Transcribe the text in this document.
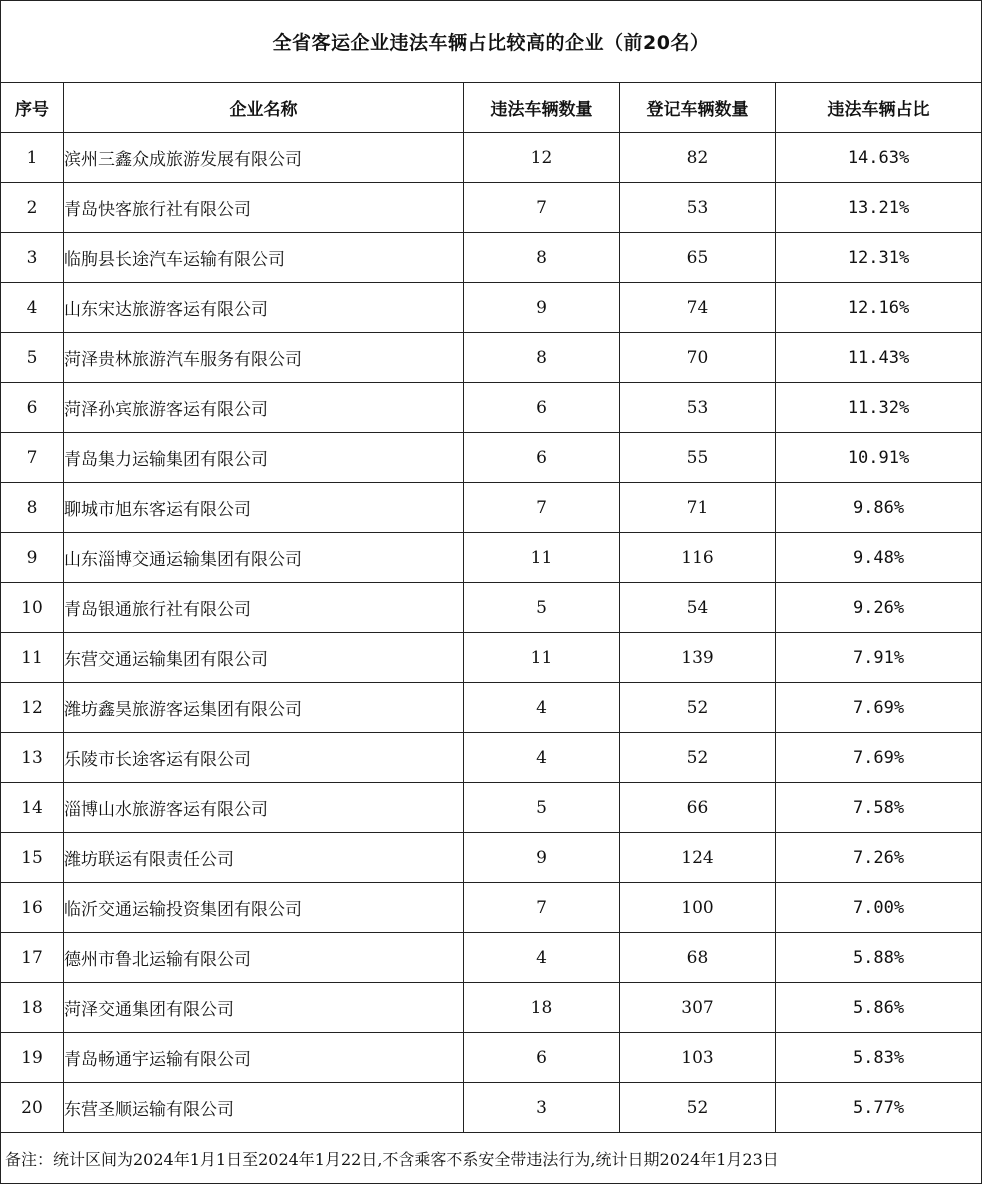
全省客运企业违法车辆占比较高的企业（前20名）				
序号	企业名称	违法车辆数量	登记车辆数量	违法车辆占比
1	滨州三鑫众成旅游发展有限公司	12	82	14.63%
2	青岛快客旅行社有限公司	7	53	13.21%
3	临朐县长途汽车运输有限公司	8	65	12.31%
4	山东宋达旅游客运有限公司	9	74	12.16%
5	菏泽贵林旅游汽车服务有限公司	8	70	11.43%
6	菏泽孙宾旅游客运有限公司	6	53	11.32%
7	青岛集力运输集团有限公司	6	55	10.91%
8	聊城市旭东客运有限公司	7	71	9.86%
9	山东淄博交通运输集团有限公司	11	116	9.48%
10	青岛银通旅行社有限公司	5	54	9.26%
11	东营交通运输集团有限公司	11	139	7.91%
12	潍坊鑫昊旅游客运集团有限公司	4	52	7.69%
13	乐陵市长途客运有限公司	4	52	7.69%
14	淄博山水旅游客运有限公司	5	66	7.58%
15	潍坊联运有限责任公司	9	124	7.26%
16	临沂交通运输投资集团有限公司	7	100	7.00%
17	德州市鲁北运输有限公司	4	68	5.88%
18	菏泽交通集团有限公司	18	307	5.86%
19	青岛畅通宇运输有限公司	6	103	5.83%
20	东营圣顺运输有限公司	3	52	5.77%
备注：统计区间为2024年1月1日至2024年1月22日,不含乘客不系安全带违法行为,统计日期2024年1月23日				
